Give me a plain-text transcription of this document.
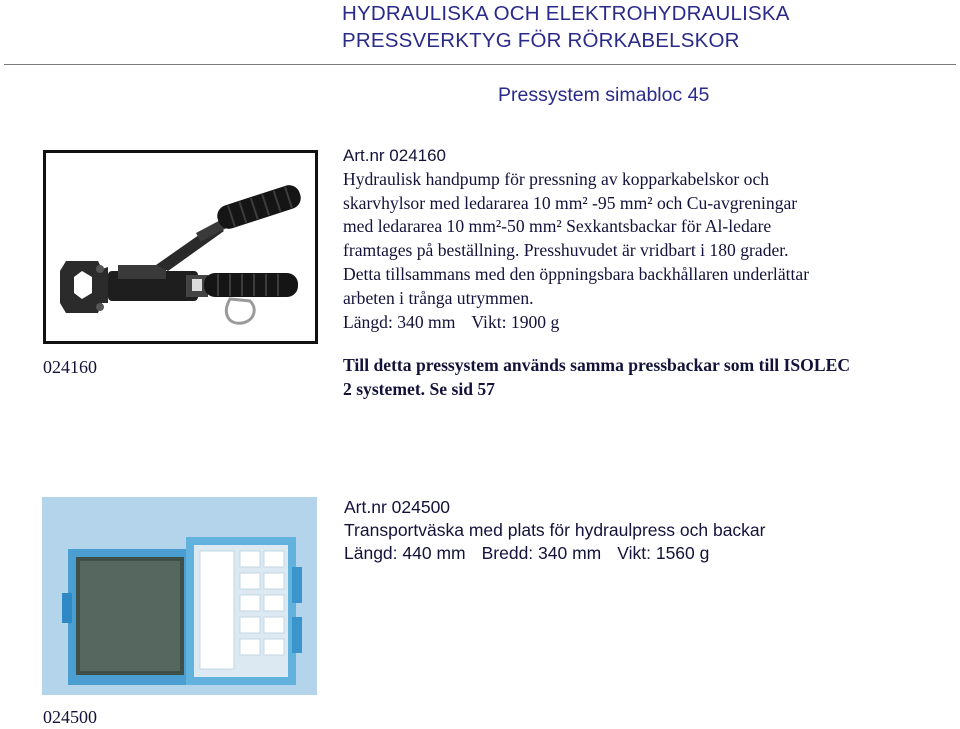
HYDRAULISKA OCH ELEKTROHYDRAULISKA
PRESSVERKTYG FÖR RÖRKABELSKOR
Pressystem simabloc 45
Art.nr 024160
Hydraulisk handpump för pressning av kopparkabelskor och
skarvhylsor med ledararea 10 mm² -95 mm² och Cu-avgreningar
med ledararea 10 mm²-50 mm² Sexkantsbackar för Al-ledare
framtages på beställning. Presshuvudet är vridbart i 180 grader.
Detta tillsammans med den öppningsbara backhållaren underlättar
arbeten i trånga utrymmen.
Längd: 340 mm Vikt: 1900 g
024160	Till detta pressystem används samma pressbackar som till ISOLEC
2 systemet. Se sid 57
Art.nr 024500
Transportväska med plats för hydraulpress och backar
Längd: 440 mm Bredd: 340 mm Vikt: 1560 g
024500
